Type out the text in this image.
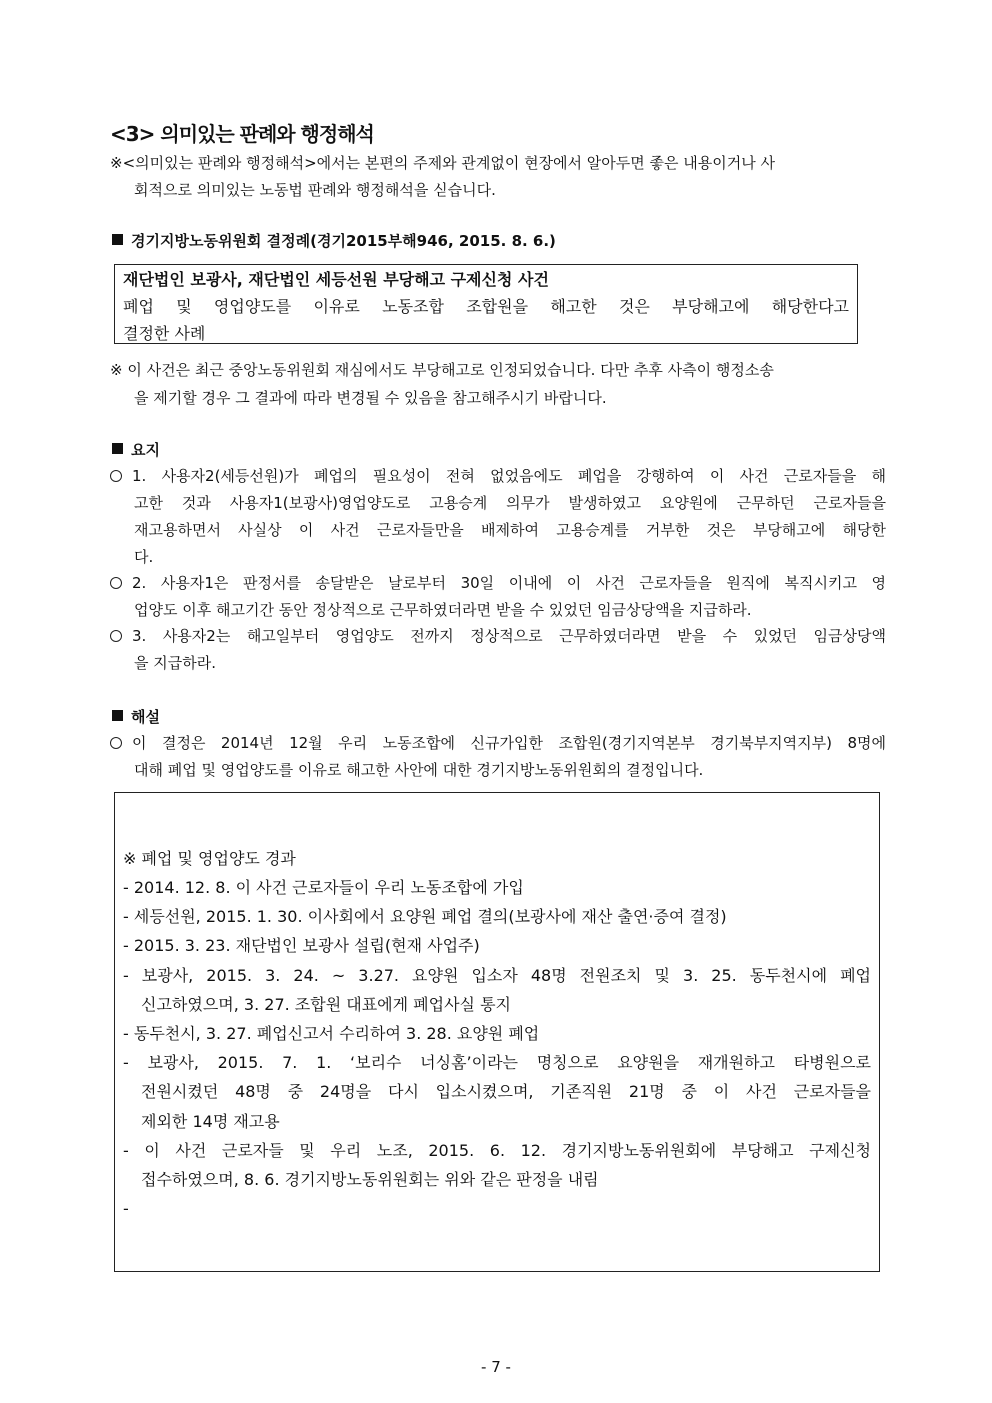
<3> 의미있는 판례와 행정해석
※<의미있는 판례와 행정해석>에서는 본편의 주제와 관계없이 현장에서 알아두면 좋은 내용이거나 사
회적으로 의미있는 노동법 판례와 행정해석을 싣습니다.
경기지방노동위원회 결정례(경기2015부해946, 2015. 8. 6.)
재단법인 보광사, 재단법인 세등선원 부당해고 구제신청 사건
폐업 및 영업양도를 이유로 노동조합 조합원을 해고한 것은 부당해고에 해당한다고
결정한 사례
※ 이 사건은 최근 중앙노동위원회 재심에서도 부당해고로 인정되었습니다. 다만 추후 사측이 행정소송
을 제기할 경우 그 결과에 따라 변경될 수 있음을 참고해주시기 바랍니다.
요지
1. 사용자2(세등선원)가 폐업의 필요성이 전혀 없었음에도 폐업을 강행하여 이 사건 근로자들을 해
고한 것과 사용자1(보광사)영업양도로 고용승계 의무가 발생하였고 요양원에 근무하던 근로자들을
재고용하면서 사실상 이 사건 근로자들만을 배제하여 고용승계를 거부한 것은 부당해고에 해당한
다.
2. 사용자1은 판정서를 송달받은 날로부터 30일 이내에 이 사건 근로자들을 원직에 복직시키고 영
업양도 이후 해고기간 동안 정상적으로 근무하였더라면 받을 수 있었던 임금상당액을 지급하라.
3. 사용자2는 해고일부터 영업양도 전까지 정상적으로 근무하였더라면 받을 수 있었던 임금상당액
을 지급하라.
해설
이 결정은 2014년 12월 우리 노동조합에 신규가입한 조합원(경기지역본부 경기북부지역지부) 8명에
대해 폐업 및 영업양도를 이유로 해고한 사안에 대한 경기지방노동위원회의 결정입니다.
※ 폐업 및 영업양도 경과
- 2014. 12. 8. 이 사건 근로자들이 우리 노동조합에 가입
- 세등선원, 2015. 1. 30. 이사회에서 요양원 폐업 결의(보광사에 재산 출연·증여 결정)
- 2015. 3. 23. 재단법인 보광사 설립(현재 사업주)
- 보광사, 2015. 3. 24. ~ 3.27. 요양원 입소자 48명 전원조치 및 3. 25. 동두천시에 폐업
신고하였으며, 3. 27. 조합원 대표에게 폐업사실 통지
- 동두천시, 3. 27. 폐업신고서 수리하여 3. 28. 요양원 폐업
- 보광사, 2015. 7. 1. ‘보리수 너싱홈’이라는 명칭으로 요양원을 재개원하고 타병원으로
전원시켰던 48명 중 24명을 다시 입소시켰으며, 기존직원 21명 중 이 사건 근로자들을
제외한 14명 재고용
- 이 사건 근로자들 및 우리 노조, 2015. 6. 12. 경기지방노동위원회에 부당해고 구제신청
접수하였으며, 8. 6. 경기지방노동위원회는 위와 같은 판정을 내림
-
- 7 -
